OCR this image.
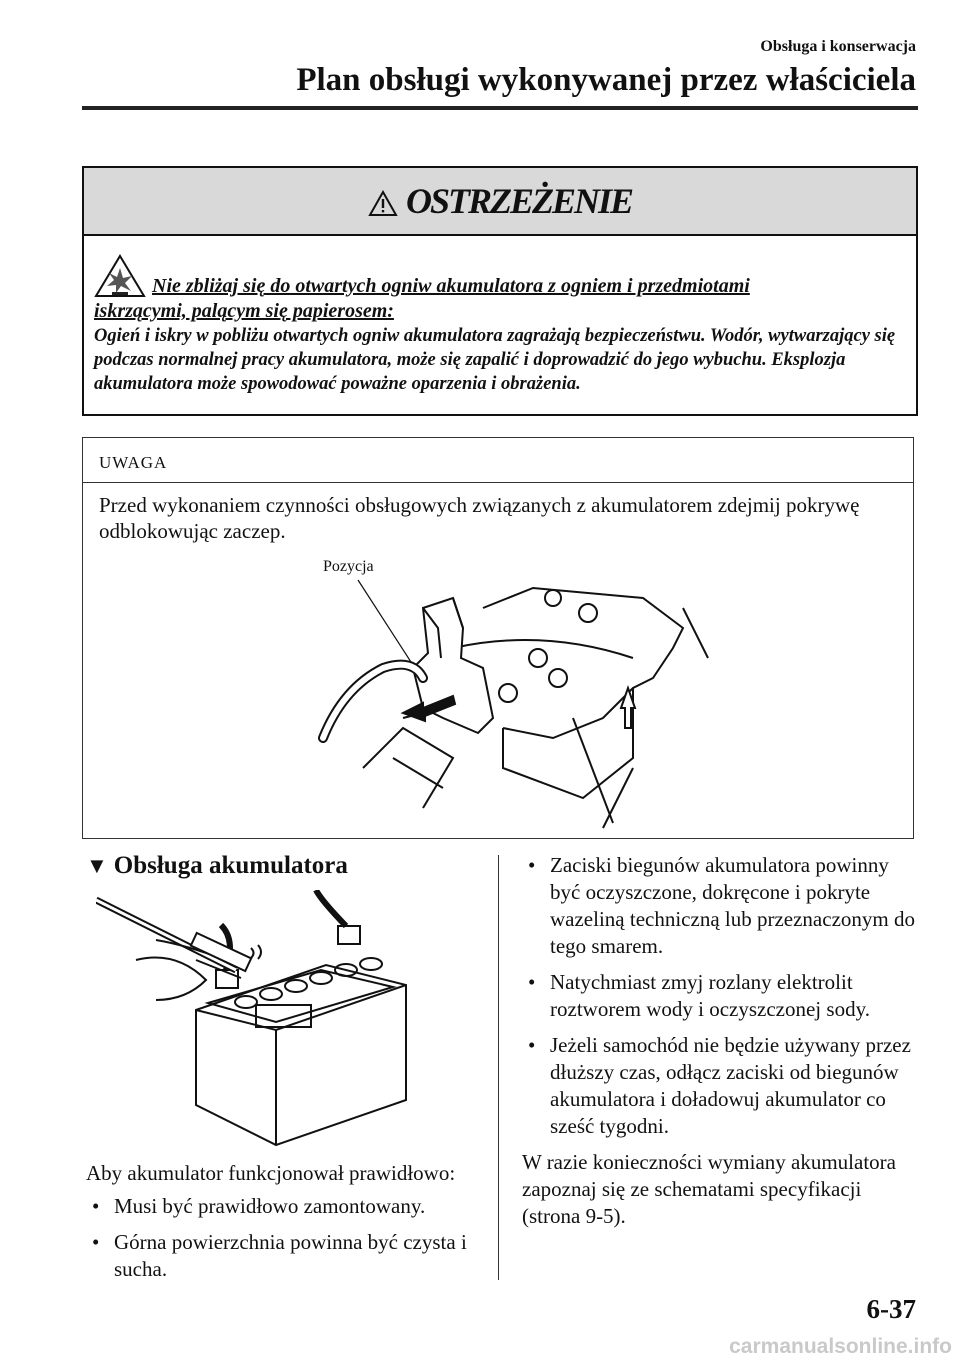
Obsługa i konserwacja
Plan obsługi wykonywanej przez właściciela
OSTRZEŻENIE
Nie zbliżaj się do otwartych ogniw akumulatora z ogniem i przedmiotami
iskrzącymi, palącym się papierosem:
Ogień i iskry w pobliżu otwartych ogniw akumulatora zagrażają bezpieczeństwu. Wodór, wytwarzający się podczas normalnej pracy akumulatora, może się zapalić i doprowadzić do jego wybuchu. Eksplozja akumulatora może spowodować poważne oparzenia i obrażenia.
UWAGA
Przed wykonaniem czynności obsługowych związanych z akumulatorem zdejmij pokrywę odblokowując zaczep.
Pozycja
▼ Obsługa akumulatora

Aby akumulator funkcjonował prawidłowo:

• Musi być prawidłowo zamontowany.
• Górna powierzchnia powinna być czysta i sucha.
• Zaciski biegunów akumulatora powinny być oczyszczone, dokręcone i pokryte wazeliną techniczną lub przeznaczonym do tego smarem.
• Natychmiast zmyj rozlany elektrolit roztworem wody i oczyszczonej sody.
• Jeżeli samochód nie będzie używany przez dłuższy czas, odłącz zaciski od biegunów akumulatora i doładowuj akumulator co sześć tygodni.

W razie konieczności wymiany akumulatora zapoznaj się ze schematami specyfikacji (strona 9-5).

6-37
carmanualsonline.info
